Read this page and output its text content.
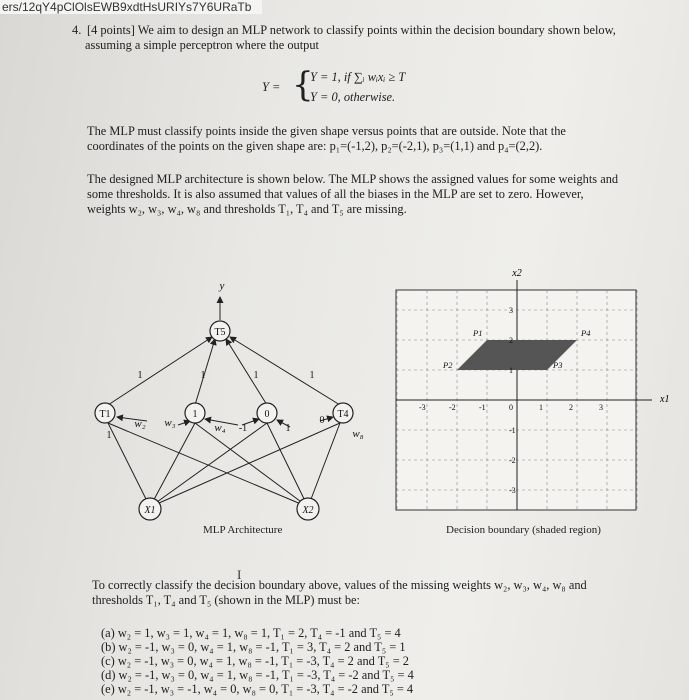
ers/12qY4pClOlsEWB9xdtHsURIYs7Y6URaTb
4. [4 points] We aim to design an MLP network to classify points within the decision boundary shown below, assuming a simple perceptron where the output
Y = {
Y = 1, if ∑ᵢ wᵢxᵢ ≥ T
Y = 0, otherwise.
The MLP must classify points inside the given shape versus points that are outside. Note that the coordinates of the points on the given shape are: p₁=(-1,2), p₂=(-2,1), p₃=(1,1) and p₄=(2,2).
The designed MLP architecture is shown below. The MLP shows the assigned values for some weights and some thresholds. It is also assumed that values of all the biases in the MLP are set to zero. However, weights w₂, w₃, w₄, w₈ and thresholds T₁, T₄ and T₅ are missing.
y
T5
T1	1	0	T4
X1	X2
1	1	1	1
w₂ w₃	w₄ -1	1
0
w₈
1
MLP Architecture
-3	-2	-1	0	1	2	3
3
2
1
-1
-2
-3
P1
P2	P3
P4
x2
x1
Decision boundary (shaded region)
I
To correctly classify the decision boundary above, values of the missing weights w₂, w₃, w₄, w₈ and thresholds T₁, T₄ and T₅ (shown in the MLP) must be:
(a) w₂ = 1, w₃ = 1, w₄ = 1, w₈ = 1, T₁ = 2, T₄ = -1 and T₅ = 4
(b) w₂ = -1, w₃ = 0, w₄ = 1, w₈ = -1, T₁ = 3, T₄ = 2 and T₅ = 1
(c) w₂ = -1, w₃ = 0, w₄ = 1, w₈ = -1, T₁ = -3, T₄ = 2 and T₅ = 2
(d) w₂ = -1, w₃ = 0, w₄ = 1, w₈ = -1, T₁ = -3, T₄ = -2 and T₅ = 4
(e) w₂ = -1, w₃ = -1, w₄ = 0, w₈ = 0, T₁ = -3, T₄ = -2 and T₅ = 4
